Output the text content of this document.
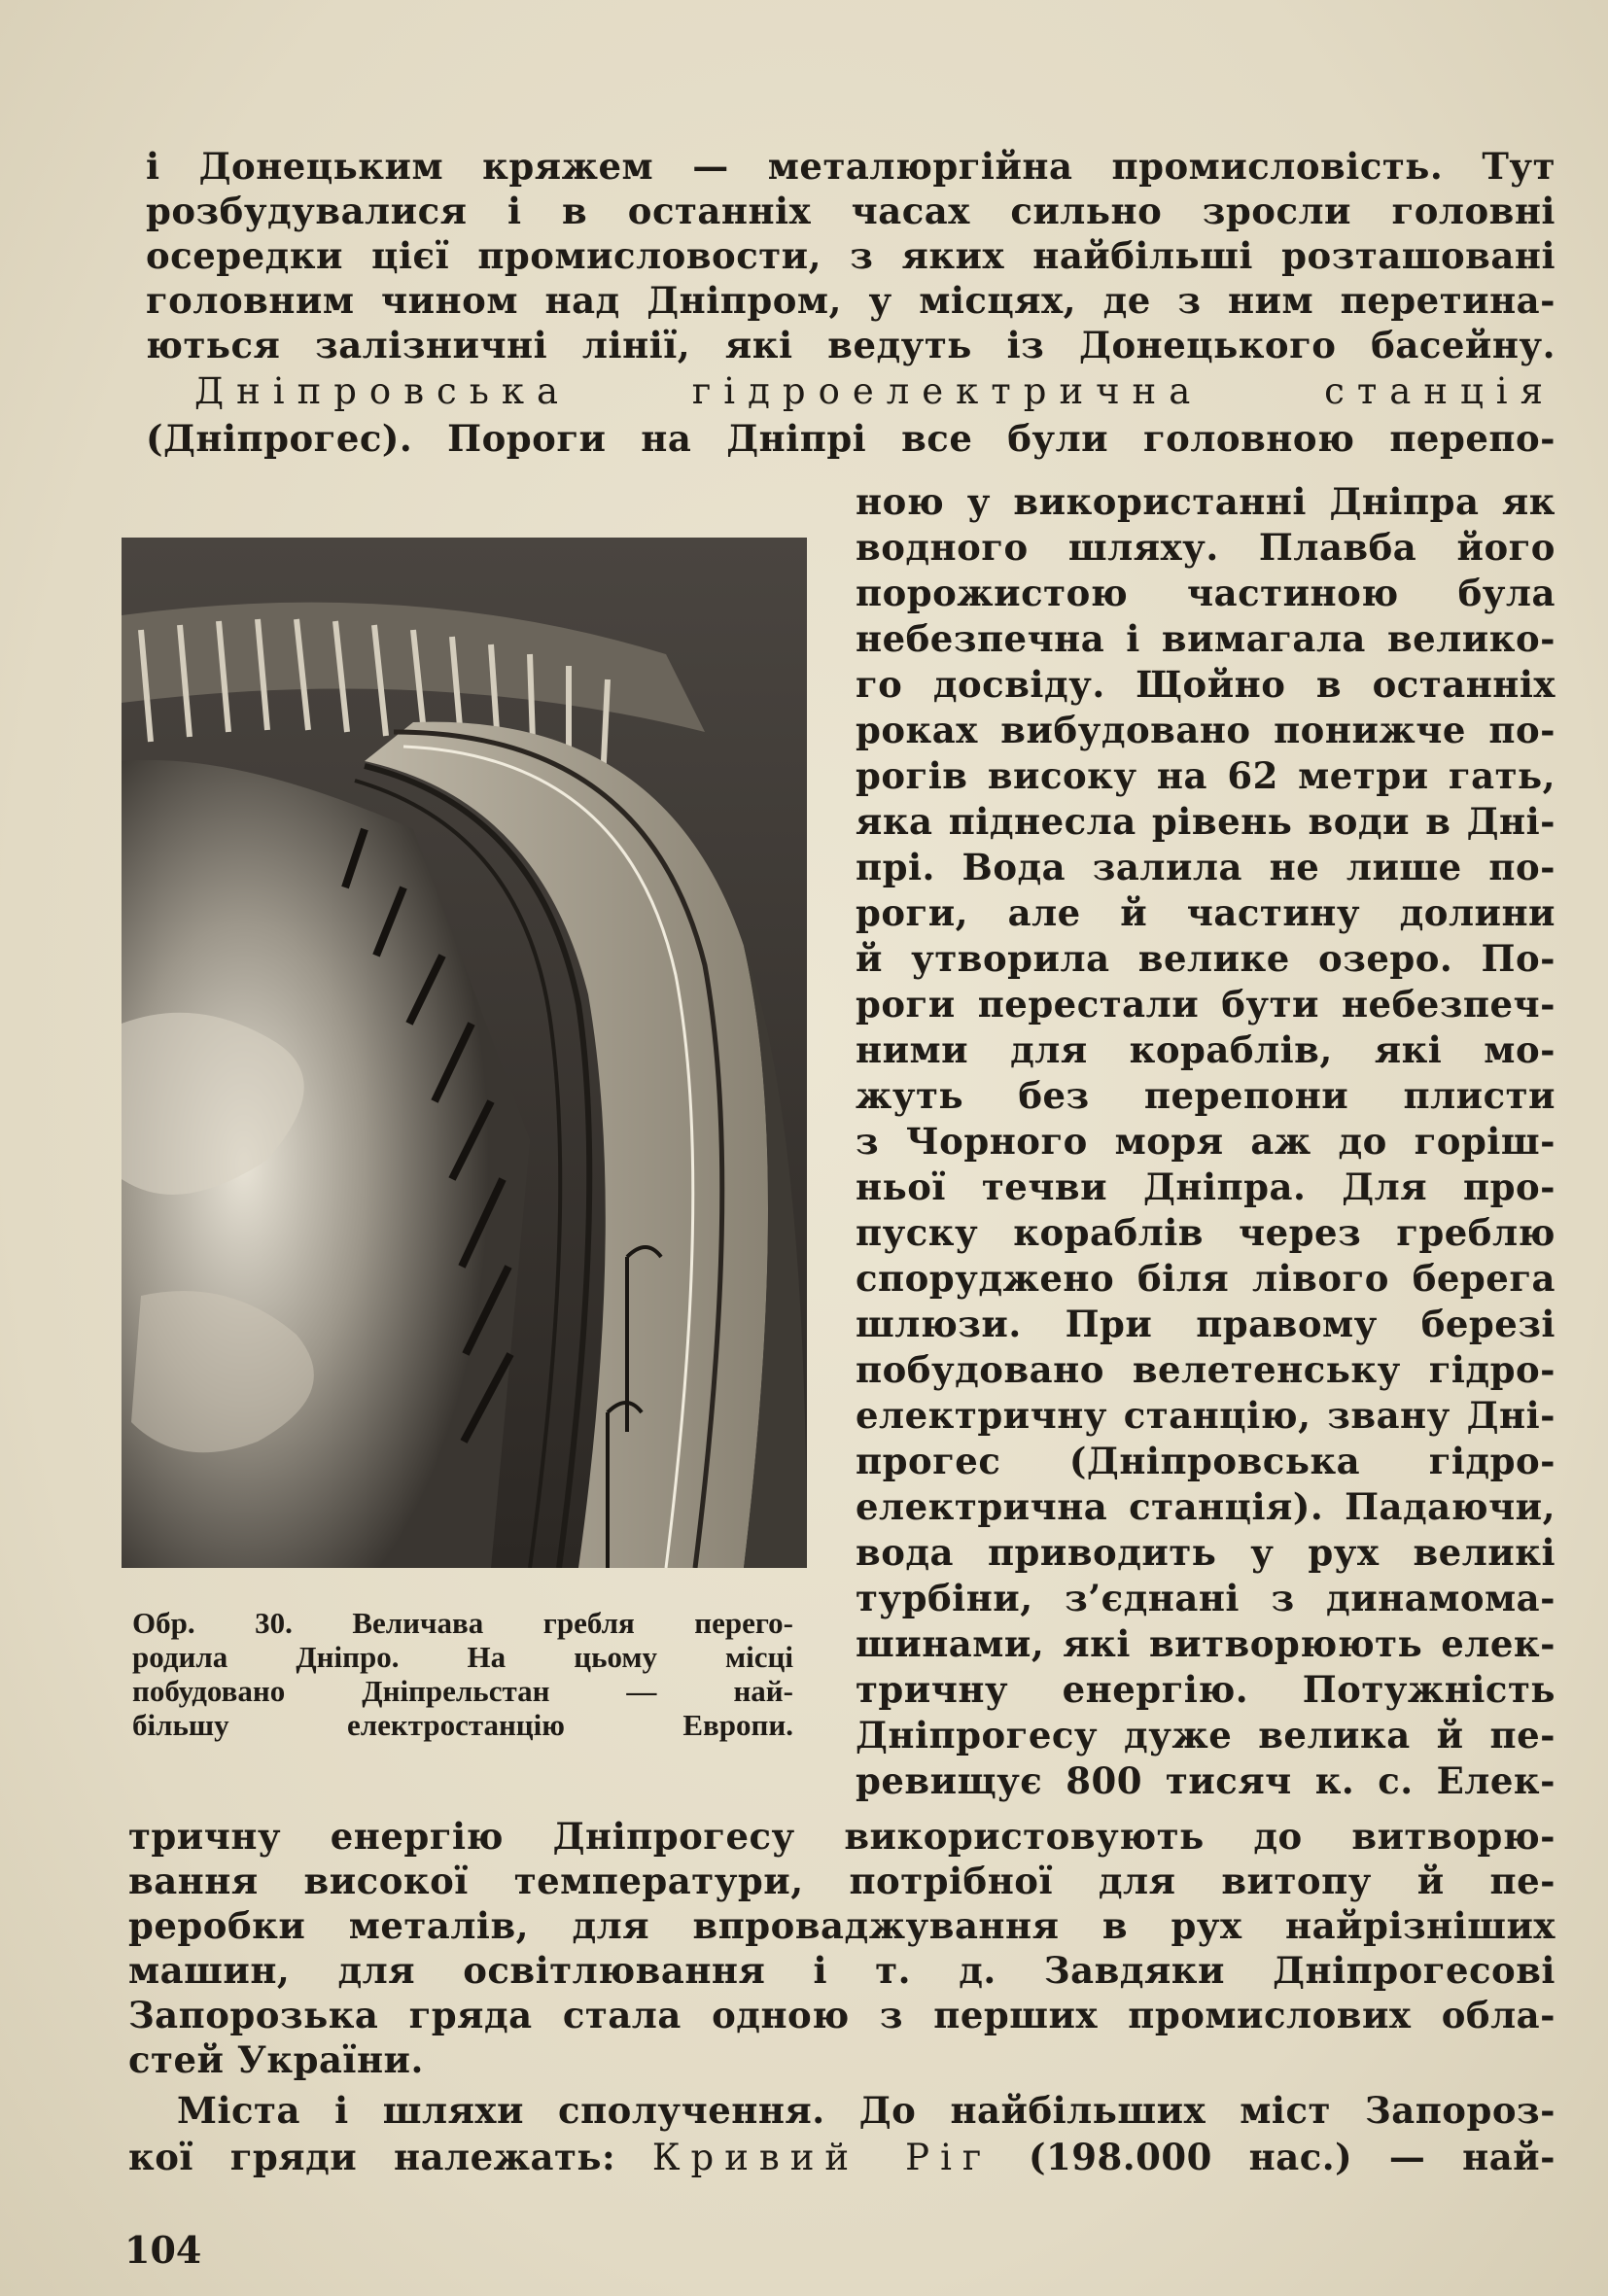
і Донецьким кряжем — металюргійна промисловість. Тут
розбудувалися і в останніх часах сильно зросли головні
осередки цієї промисловости, з яких найбільші розташовані
головним чином над Дніпром, у місцях, де з ним перетина-
ються залізничні лінії, які ведуть із Донецького басейну.
Дніпровська гідроелектрична станція
(Дніпрогес). Пороги на Дніпрі все були головною перепо-
ною у використанні Дніпра як
водного шляху. Плавба його
порожистою частиною була
небезпечна і вимагала велико-
го досвіду. Щойно в останніх
роках вибудовано понижче по-
рогів високу на 62 метри гать,
яка піднесла рівень води в Дні-
прі. Вода залила не лише по-
роги, але й частину долини
й утворила велике озеро. По-
роги перестали бути небезпеч-
ними для кораблів, які мо-
жуть без перепони плисти
з Чорного моря аж до горіш-
ньої течви Дніпра. Для про-
пуску кораблів через греблю
споруджено біля лівого берега
шлюзи. При правому березі
побудовано велетенську гідро-
електричну станцію, звану Дні-
прогес (Дніпровська гідро-
електрична станція). Падаючи,
вода приводить у рух великі
турбіни, з’єднані з динамома-
шинами, які витворюють елек-
тричну енергію. Потужність
Дніпрогесу дуже велика й пе-
ревищує 800 тисяч к. с. Елек-
Обр. 30. Величава гребля перего-
родила Дніпро. На цьому місці
побудовано Дніпрельстан — най-
більшу електростанцію Европи.
тричну енергію Дніпрогесу використовують до витворю-
вання високої температури, потрібної для витопу й пе-
реробки металів, для впроваджування в рух найрізніших
машин, для освітлювання і т. д. Завдяки Дніпрогесові
Запорозька гряда стала одною з перших промислових обла-
стей України.
Міста і шляхи сполучення. До найбільших міст Запороз-
кої гряди належать: Кривий Ріг (198.000 нас.) — най-
104
